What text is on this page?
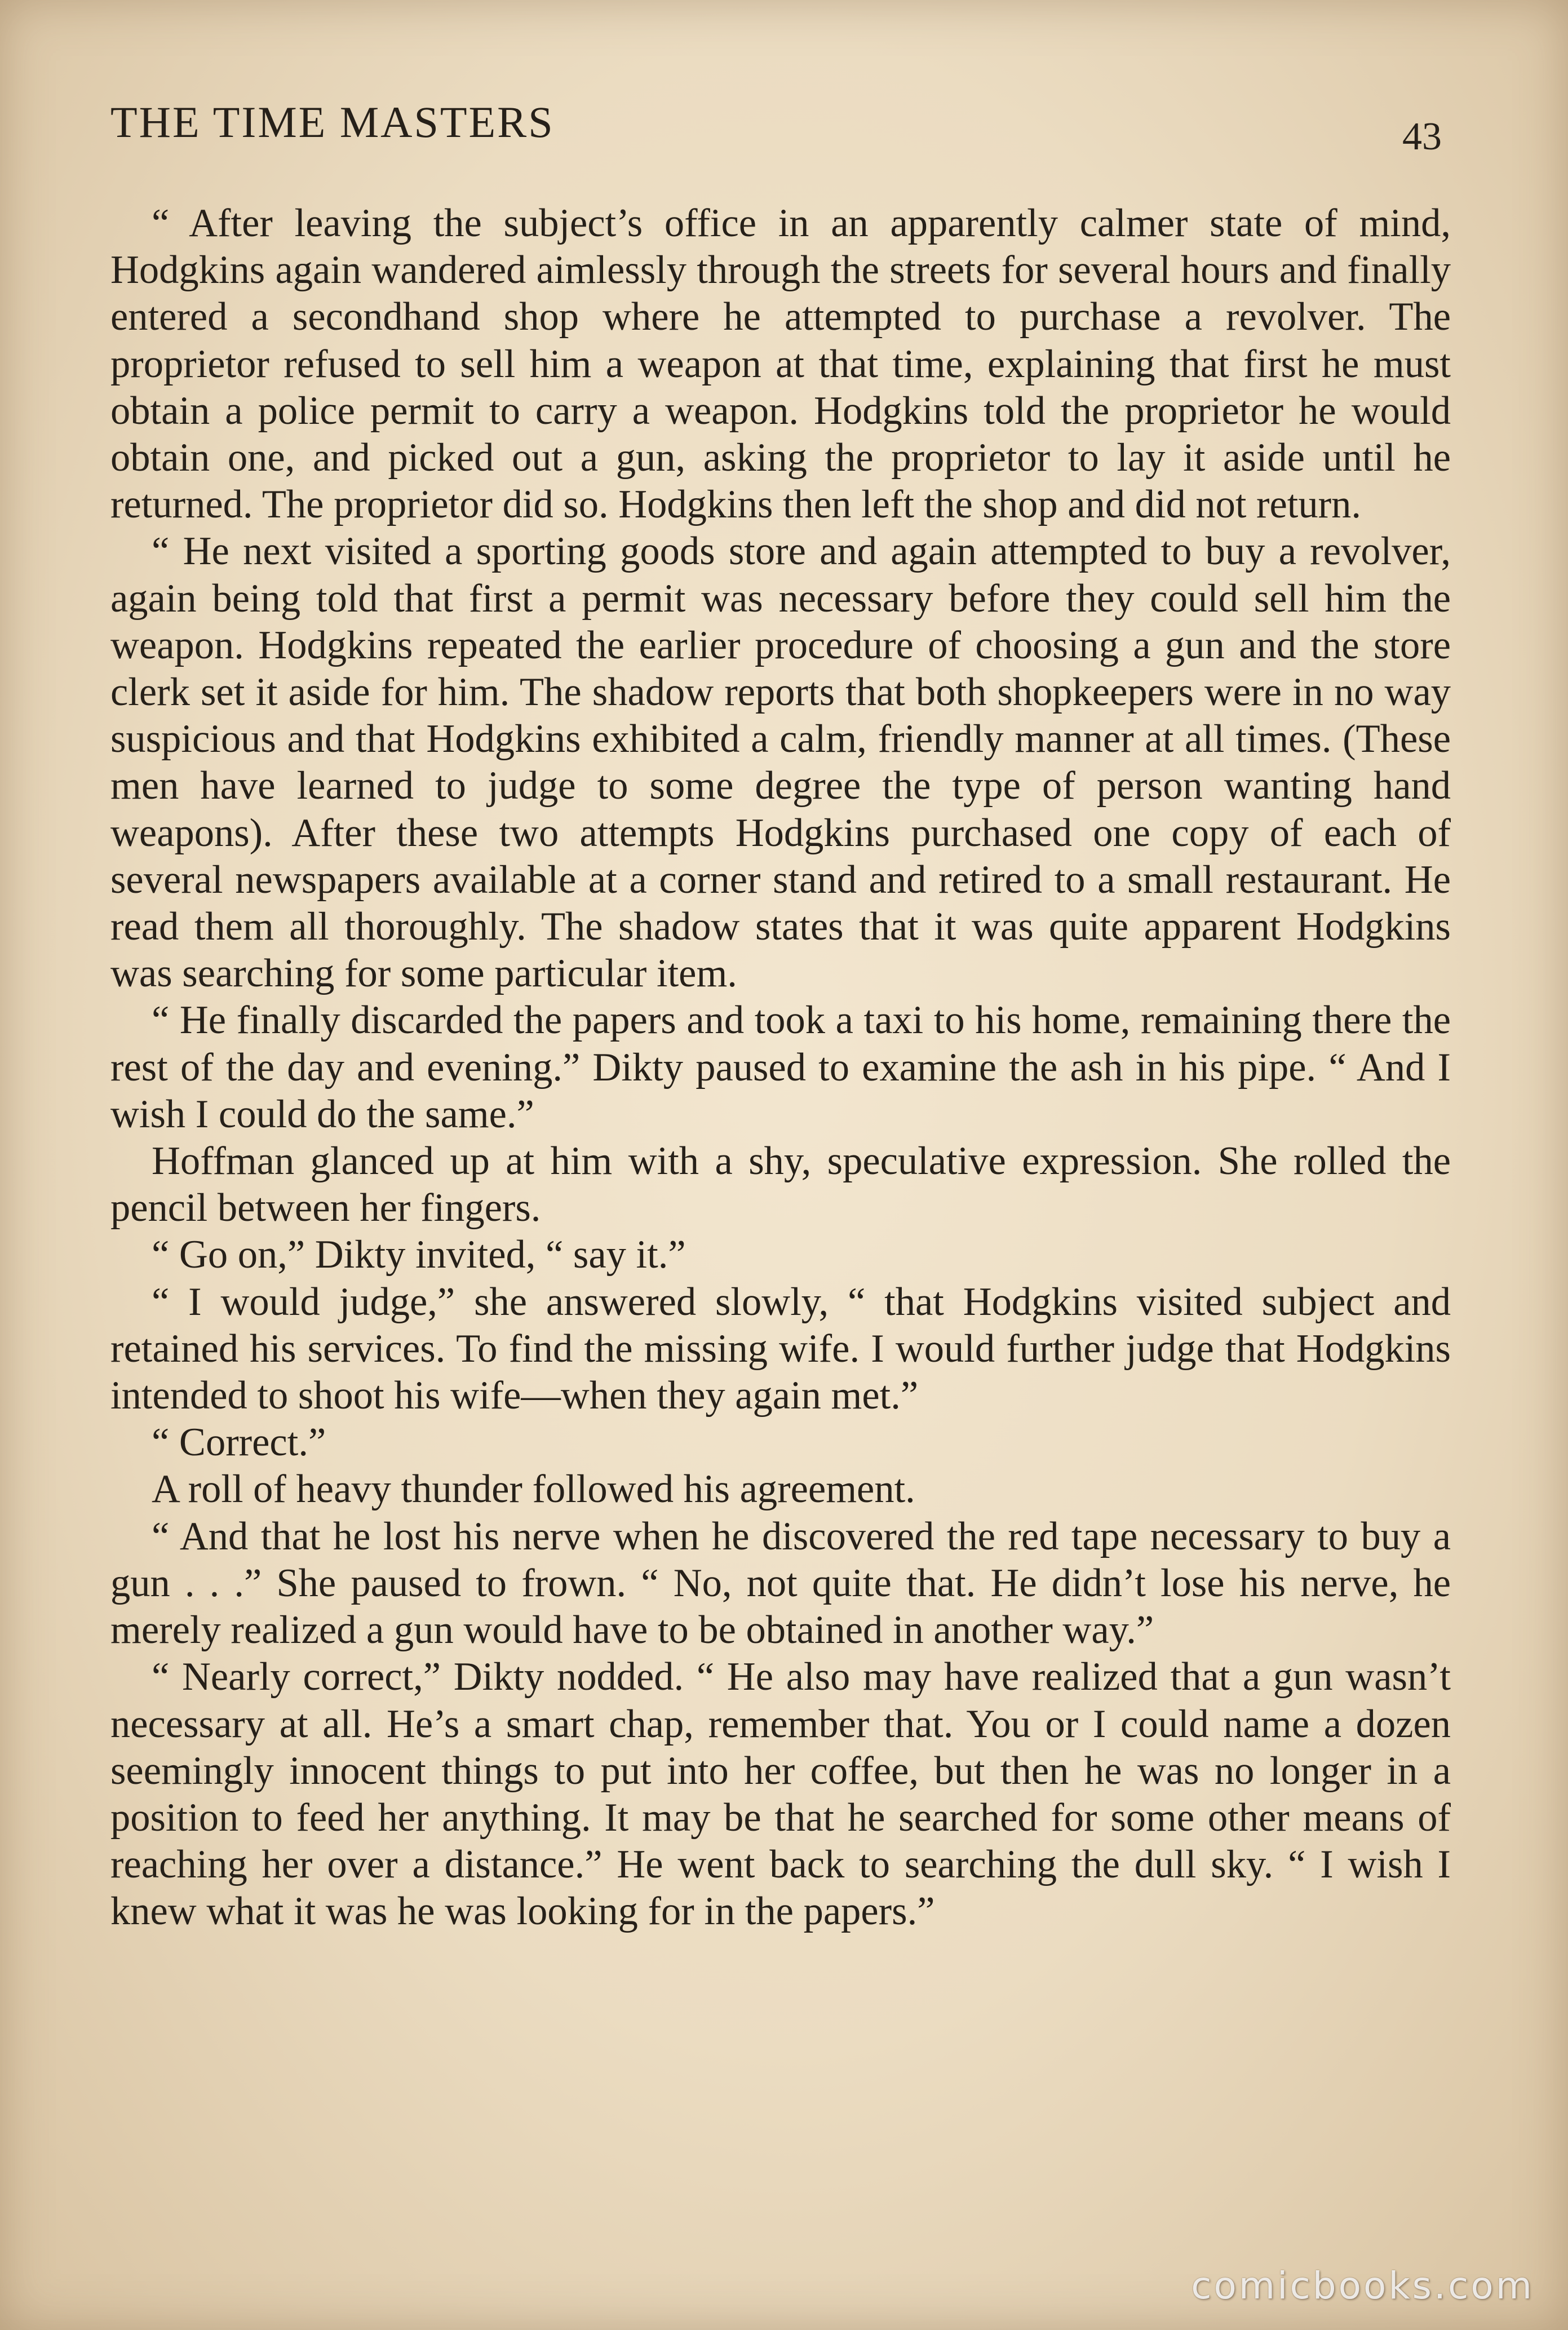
THE TIME MASTERS	43

“ After leaving the subject’s office in an apparently calmer state of mind, Hodgkins again wandered aimlessly through the streets for several hours and finally entered a secondhand shop where he attempted to purchase a revolver. The proprietor refused to sell him a weapon at that time, explaining that first he must obtain a police permit to carry a weapon. Hodgkins told the proprietor he would obtain one, and picked out a gun, asking the proprietor to lay it aside until he returned. The proprietor did so. Hodgkins then left the shop and did not return.

“ He next visited a sporting goods store and again attempted to buy a revolver, again being told that first a permit was necessary before they could sell him the weapon. Hodgkins repeated the earlier procedure of choosing a gun and the store clerk set it aside for him. The shadow reports that both shopkeepers were in no way suspicious and that Hodgkins exhibited a calm, friendly manner at all times. (These men have learned to judge to some degree the type of person wanting hand weapons). After these two attempts Hodgkins purchased one copy of each of several newspapers available at a corner stand and retired to a small restaurant. He read them all thoroughly. The shadow states that it was quite apparent Hodgkins was searching for some particular item.

“ He finally discarded the papers and took a taxi to his home, remaining there the rest of the day and evening.” Dikty paused to examine the ash in his pipe. “ And I wish I could do the same.”

Hoffman glanced up at him with a shy, speculative expression. She rolled the pencil between her fingers.

“ Go on,” Dikty invited, “ say it.”

“ I would judge,” she answered slowly, “ that Hodgkins visited subject and retained his services. To find the missing wife. I would further judge that Hodgkins intended to shoot his wife—when they again met.”

“ Correct.”

A roll of heavy thunder followed his agreement.

“ And that he lost his nerve when he discovered the red tape necessary to buy a gun . . .” She paused to frown. “ No, not quite that. He didn’t lose his nerve, he merely realized a gun would have to be obtained in another way.”

“ Nearly correct,” Dikty nodded. “ He also may have realized that a gun wasn’t necessary at all. He’s a smart chap, remember that. You or I could name a dozen seemingly innocent things to put into her coffee, but then he was no longer in a position to feed her anything. It may be that he searched for some other means of reaching her over a distance.” He went back to searching the dull sky. “ I wish I knew what it was he was looking for in the papers.”

comicbooks.com
